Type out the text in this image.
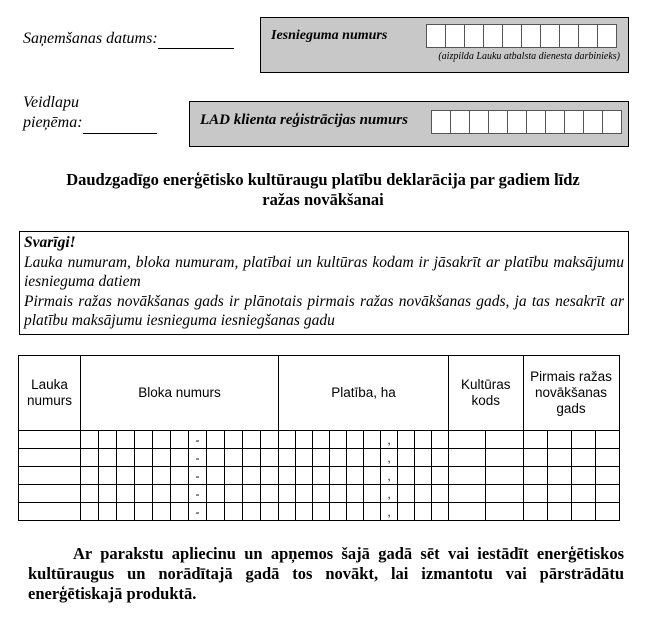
Saņemšanas datums:	Iesnieguma numurs
(aizpilda Lauku atbalsta dienesta darbinieks)
Veidlapu
pieņēma:	LAD klienta reģistrācijas numurs
Daudzgadīgo enerģētisko kultūraugu platību deklarācija par gadiem līdz
ražas novākšanai

Svarīgi!

Lauka numuram, bloka numuram, platībai un kultūras kodam ir jāsakrīt ar platību maksājumu iesnieguma datiem

Pirmais ražas novākšanas gads ir plānotais pirmais ražas novākšanas gads, ja tas nesakrīt ar platību maksājumu iesnieguma iesniegšanas gadu

Lauka numurs	Bloka numurs											Platība, ha										Kultūras kods		Pirmais ražas novākšanas gads			
							-											,									
							-											,									
							-											,									
							-											,									
							-											,									

Ar parakstu apliecinu un apņemos šajā gadā sēt vai iestādīt enerģētiskos kultūraugus un norādītajā gadā tos novākt, lai izmantotu vai pārstrādātu enerģētiskajā produktā.
